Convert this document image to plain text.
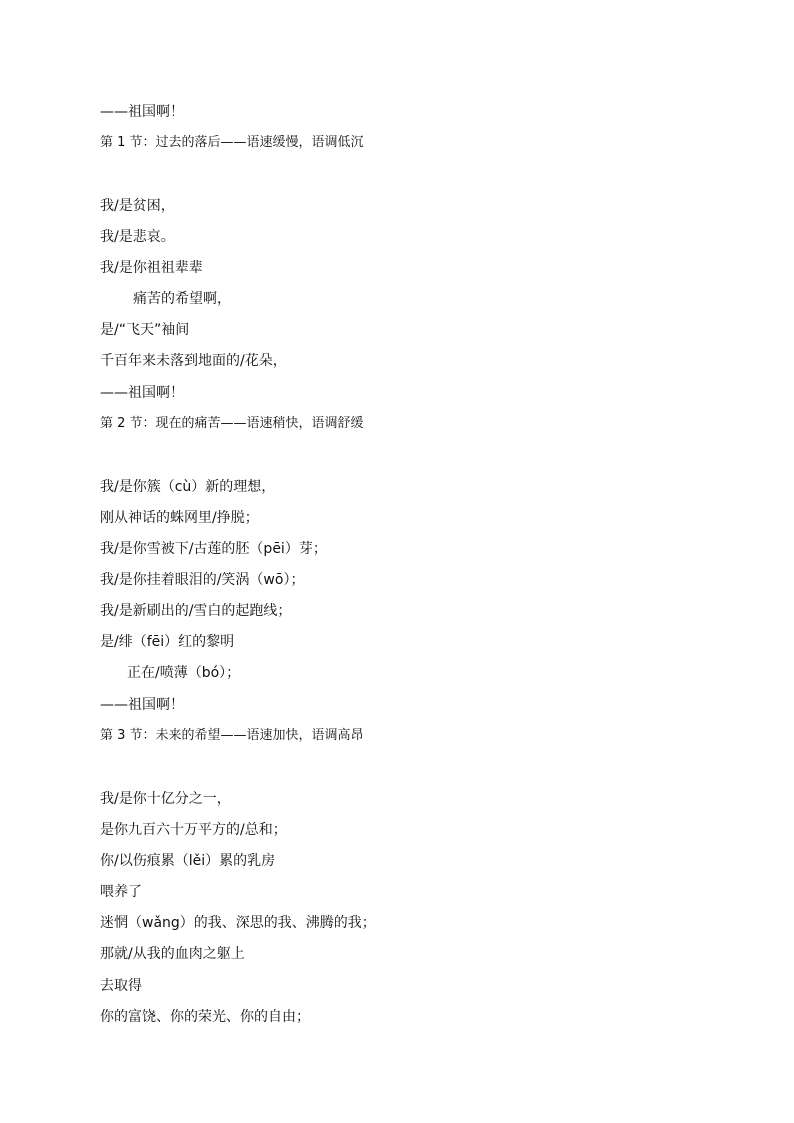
——祖国啊！
第 1 节：过去的落后——语速缓慢，语调低沉
我/是贫困，
我/是悲哀。
我/是你祖祖辈辈
痛苦的希望啊，
是/“飞天”袖间
千百年来未落到地面的/花朵，
——祖国啊！
第 2 节：现在的痛苦——语速稍快，语调舒缓
我/是你簇（cù）新的理想，
刚从神话的蛛网里/挣脱；
我/是你雪被下/古莲的胚（pēi）芽；
我/是你挂着眼泪的/笑涡（wō）；
我/是新刷出的/雪白的起跑线；
是/绯（fēi）红的黎明
正在/喷薄（bó）；
——祖国啊！
第 3 节：未来的希望——语速加快，语调高昂
我/是你十亿分之一，
是你九百六十万平方的/总和；
你/以伤痕累（lěi）累的乳房
喂养了
迷惘（wǎng）的我、深思的我、沸腾的我；
那就/从我的血肉之躯上
去取得
你的富饶、你的荣光、你的自由；
